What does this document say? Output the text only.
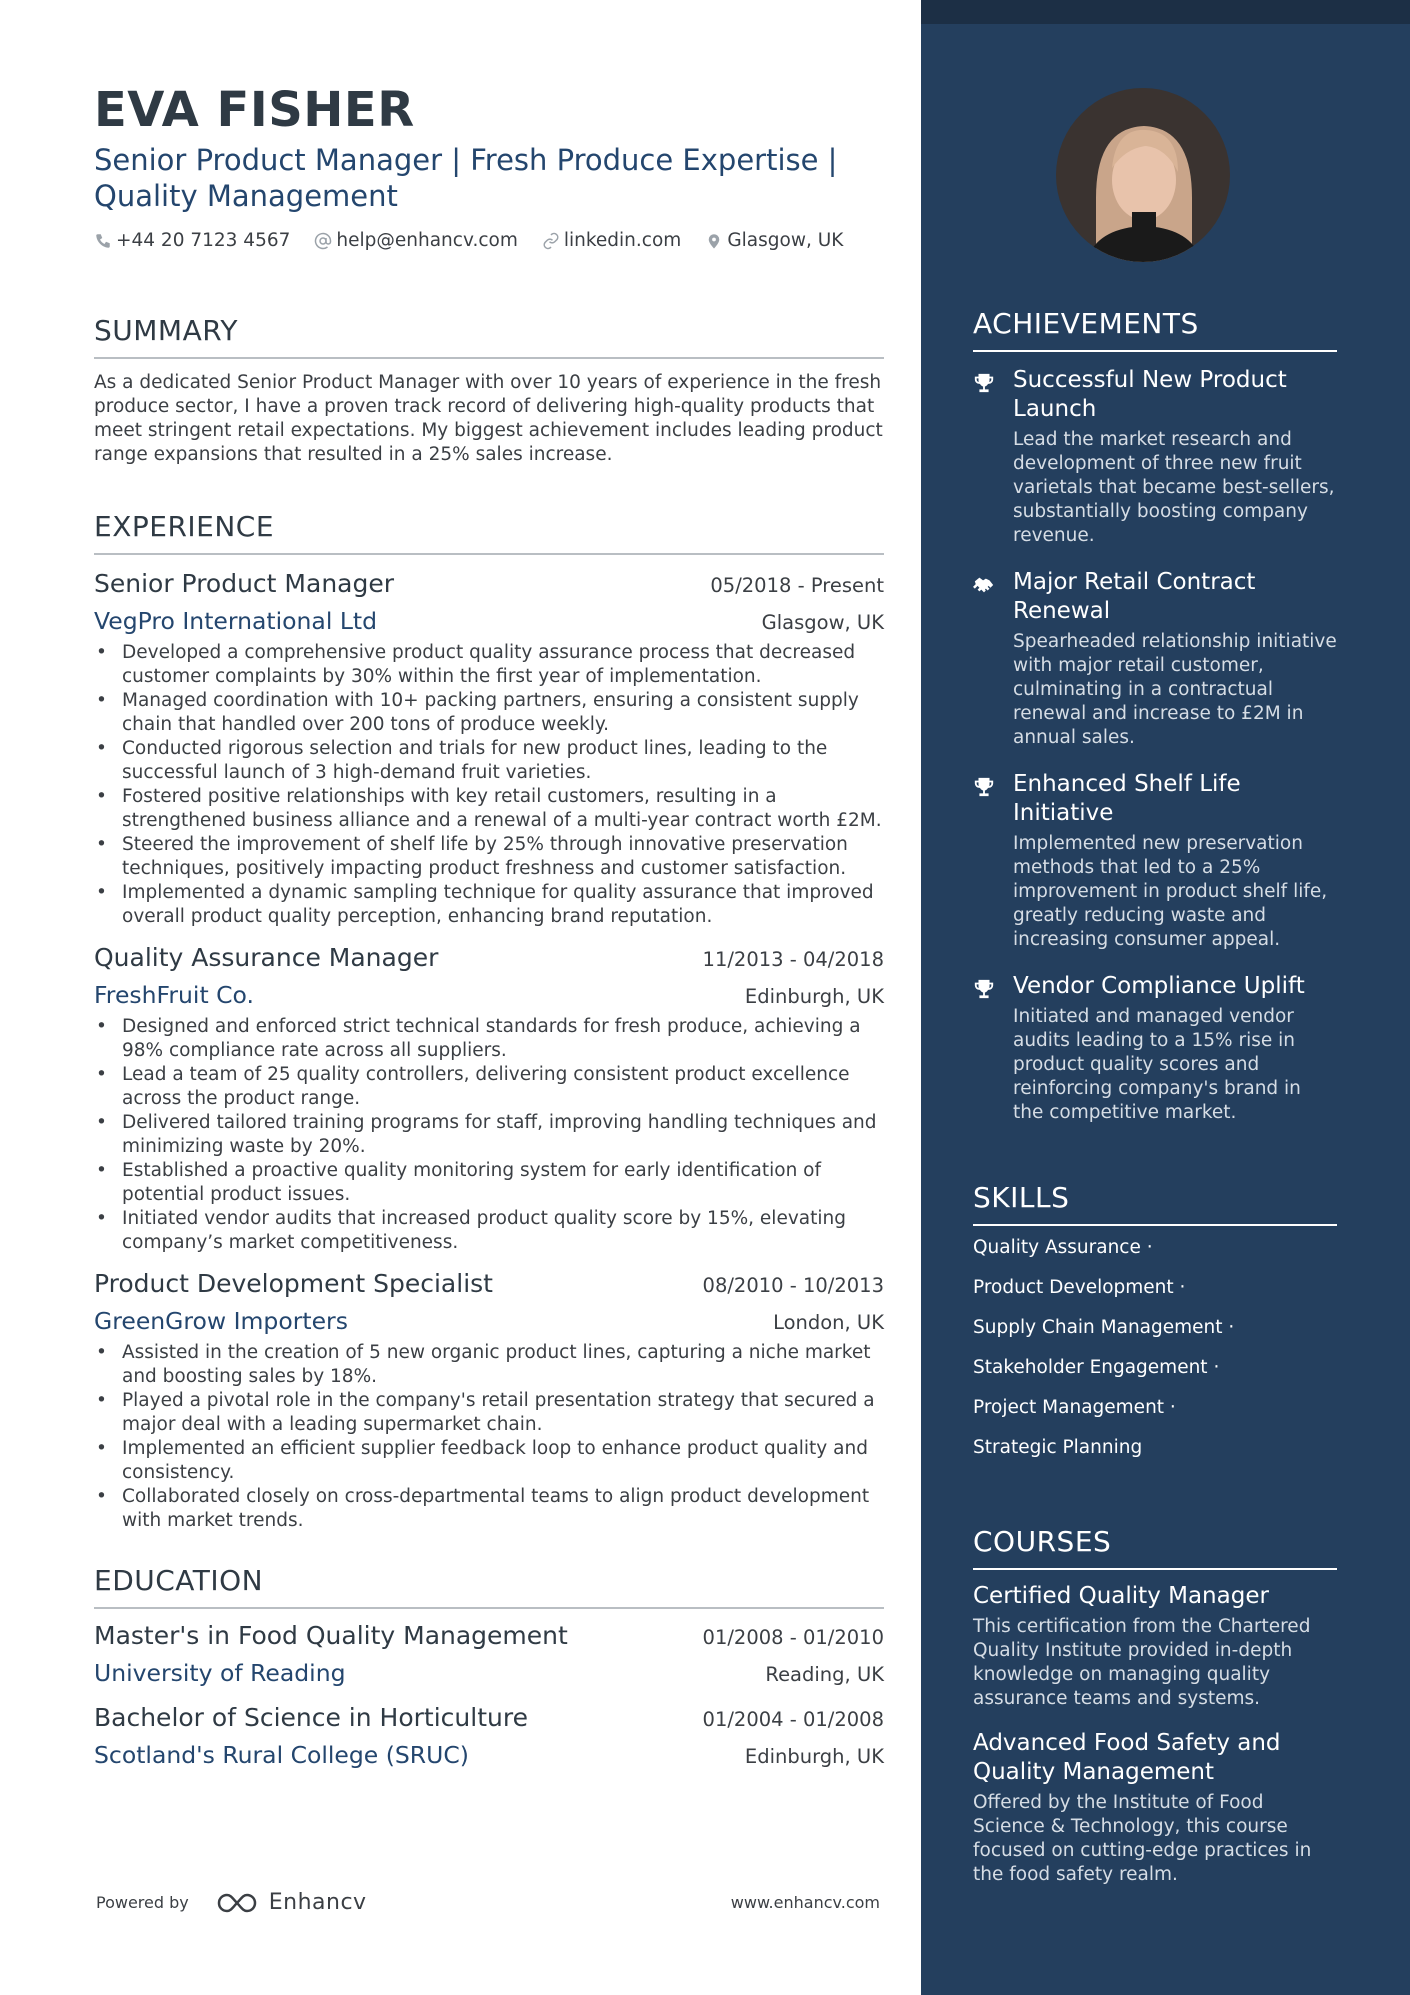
EVA FISHER
Senior Product Manager | Fresh Produce Expertise | Quality Management
+44 20 7123 4567 help@enhancv.com linkedin.com Glasgow, UK
SUMMARY

As a dedicated Senior Product Manager with over 10 years of experience in the fresh produce sector, I have a proven track record of delivering high-quality products that meet stringent retail expectations. My biggest achievement includes leading product range expansions that resulted in a 25% sales increase.

EXPERIENCE
Senior Product Manager	05/2018 - Present
VegPro International Ltd	Glasgow, UK
• Developed a comprehensive product quality assurance process that decreased customer complaints by 30% within the first year of implementation.
• Managed coordination with 10+ packing partners, ensuring a consistent supply chain that handled over 200 tons of produce weekly.
• Conducted rigorous selection and trials for new product lines, leading to the successful launch of 3 high-demand fruit varieties.
• Fostered positive relationships with key retail customers, resulting in a strengthened business alliance and a renewal of a multi-year contract worth £2M.
• Steered the improvement of shelf life by 25% through innovative preservation techniques, positively impacting product freshness and customer satisfaction.
• Implemented a dynamic sampling technique for quality assurance that improved overall product quality perception, enhancing brand reputation.
Quality Assurance Manager	11/2013 - 04/2018
FreshFruit Co.	Edinburgh, UK
• Designed and enforced strict technical standards for fresh produce, achieving a 98% compliance rate across all suppliers.
• Lead a team of 25 quality controllers, delivering consistent product excellence across the product range.
• Delivered tailored training programs for staff, improving handling techniques and minimizing waste by 20%.
• Established a proactive quality monitoring system for early identification of potential product issues.
• Initiated vendor audits that increased product quality score by 15%, elevating company’s market competitiveness.
Product Development Specialist	08/2010 - 10/2013
GreenGrow Importers	London, UK
• Assisted in the creation of 5 new organic product lines, capturing a niche market and boosting sales by 18%.
• Played a pivotal role in the company's retail presentation strategy that secured a major deal with a leading supermarket chain.
• Implemented an efficient supplier feedback loop to enhance product quality and consistency.
• Collaborated closely on cross-departmental teams to align product development with market trends.
EDUCATION
Master's in Food Quality Management	01/2008 - 01/2010
University of Reading	Reading, UK
Bachelor of Science in Horticulture	01/2004 - 01/2008
Scotland's Rural College (SRUC)	Edinburgh, UK
Powered by	Enhancv	www.enhancv.com
ACHIEVEMENTS
Successful New Product Launch
Lead the market research and development of three new fruit varietals that became best-sellers, substantially boosting company revenue.
Major Retail Contract Renewal
Spearheaded relationship initiative with major retail customer, culminating in a contractual renewal and increase to £2M in annual sales.
Enhanced Shelf Life Initiative
Implemented new preservation methods that led to a 25% improvement in product shelf life, greatly reducing waste and increasing consumer appeal.
Vendor Compliance Uplift
Initiated and managed vendor audits leading to a 15% rise in product quality scores and reinforcing company's brand in the competitive market.
SKILLS
Quality Assurance ·
Product Development ·
Supply Chain Management ·
Stakeholder Engagement ·
Project Management ·
Strategic Planning
COURSES
Certified Quality Manager
This certification from the Chartered Quality Institute provided in-depth knowledge on managing quality assurance teams and systems.
Advanced Food Safety and Quality Management
Offered by the Institute of Food Science & Technology, this course focused on cutting-edge practices in the food safety realm.
